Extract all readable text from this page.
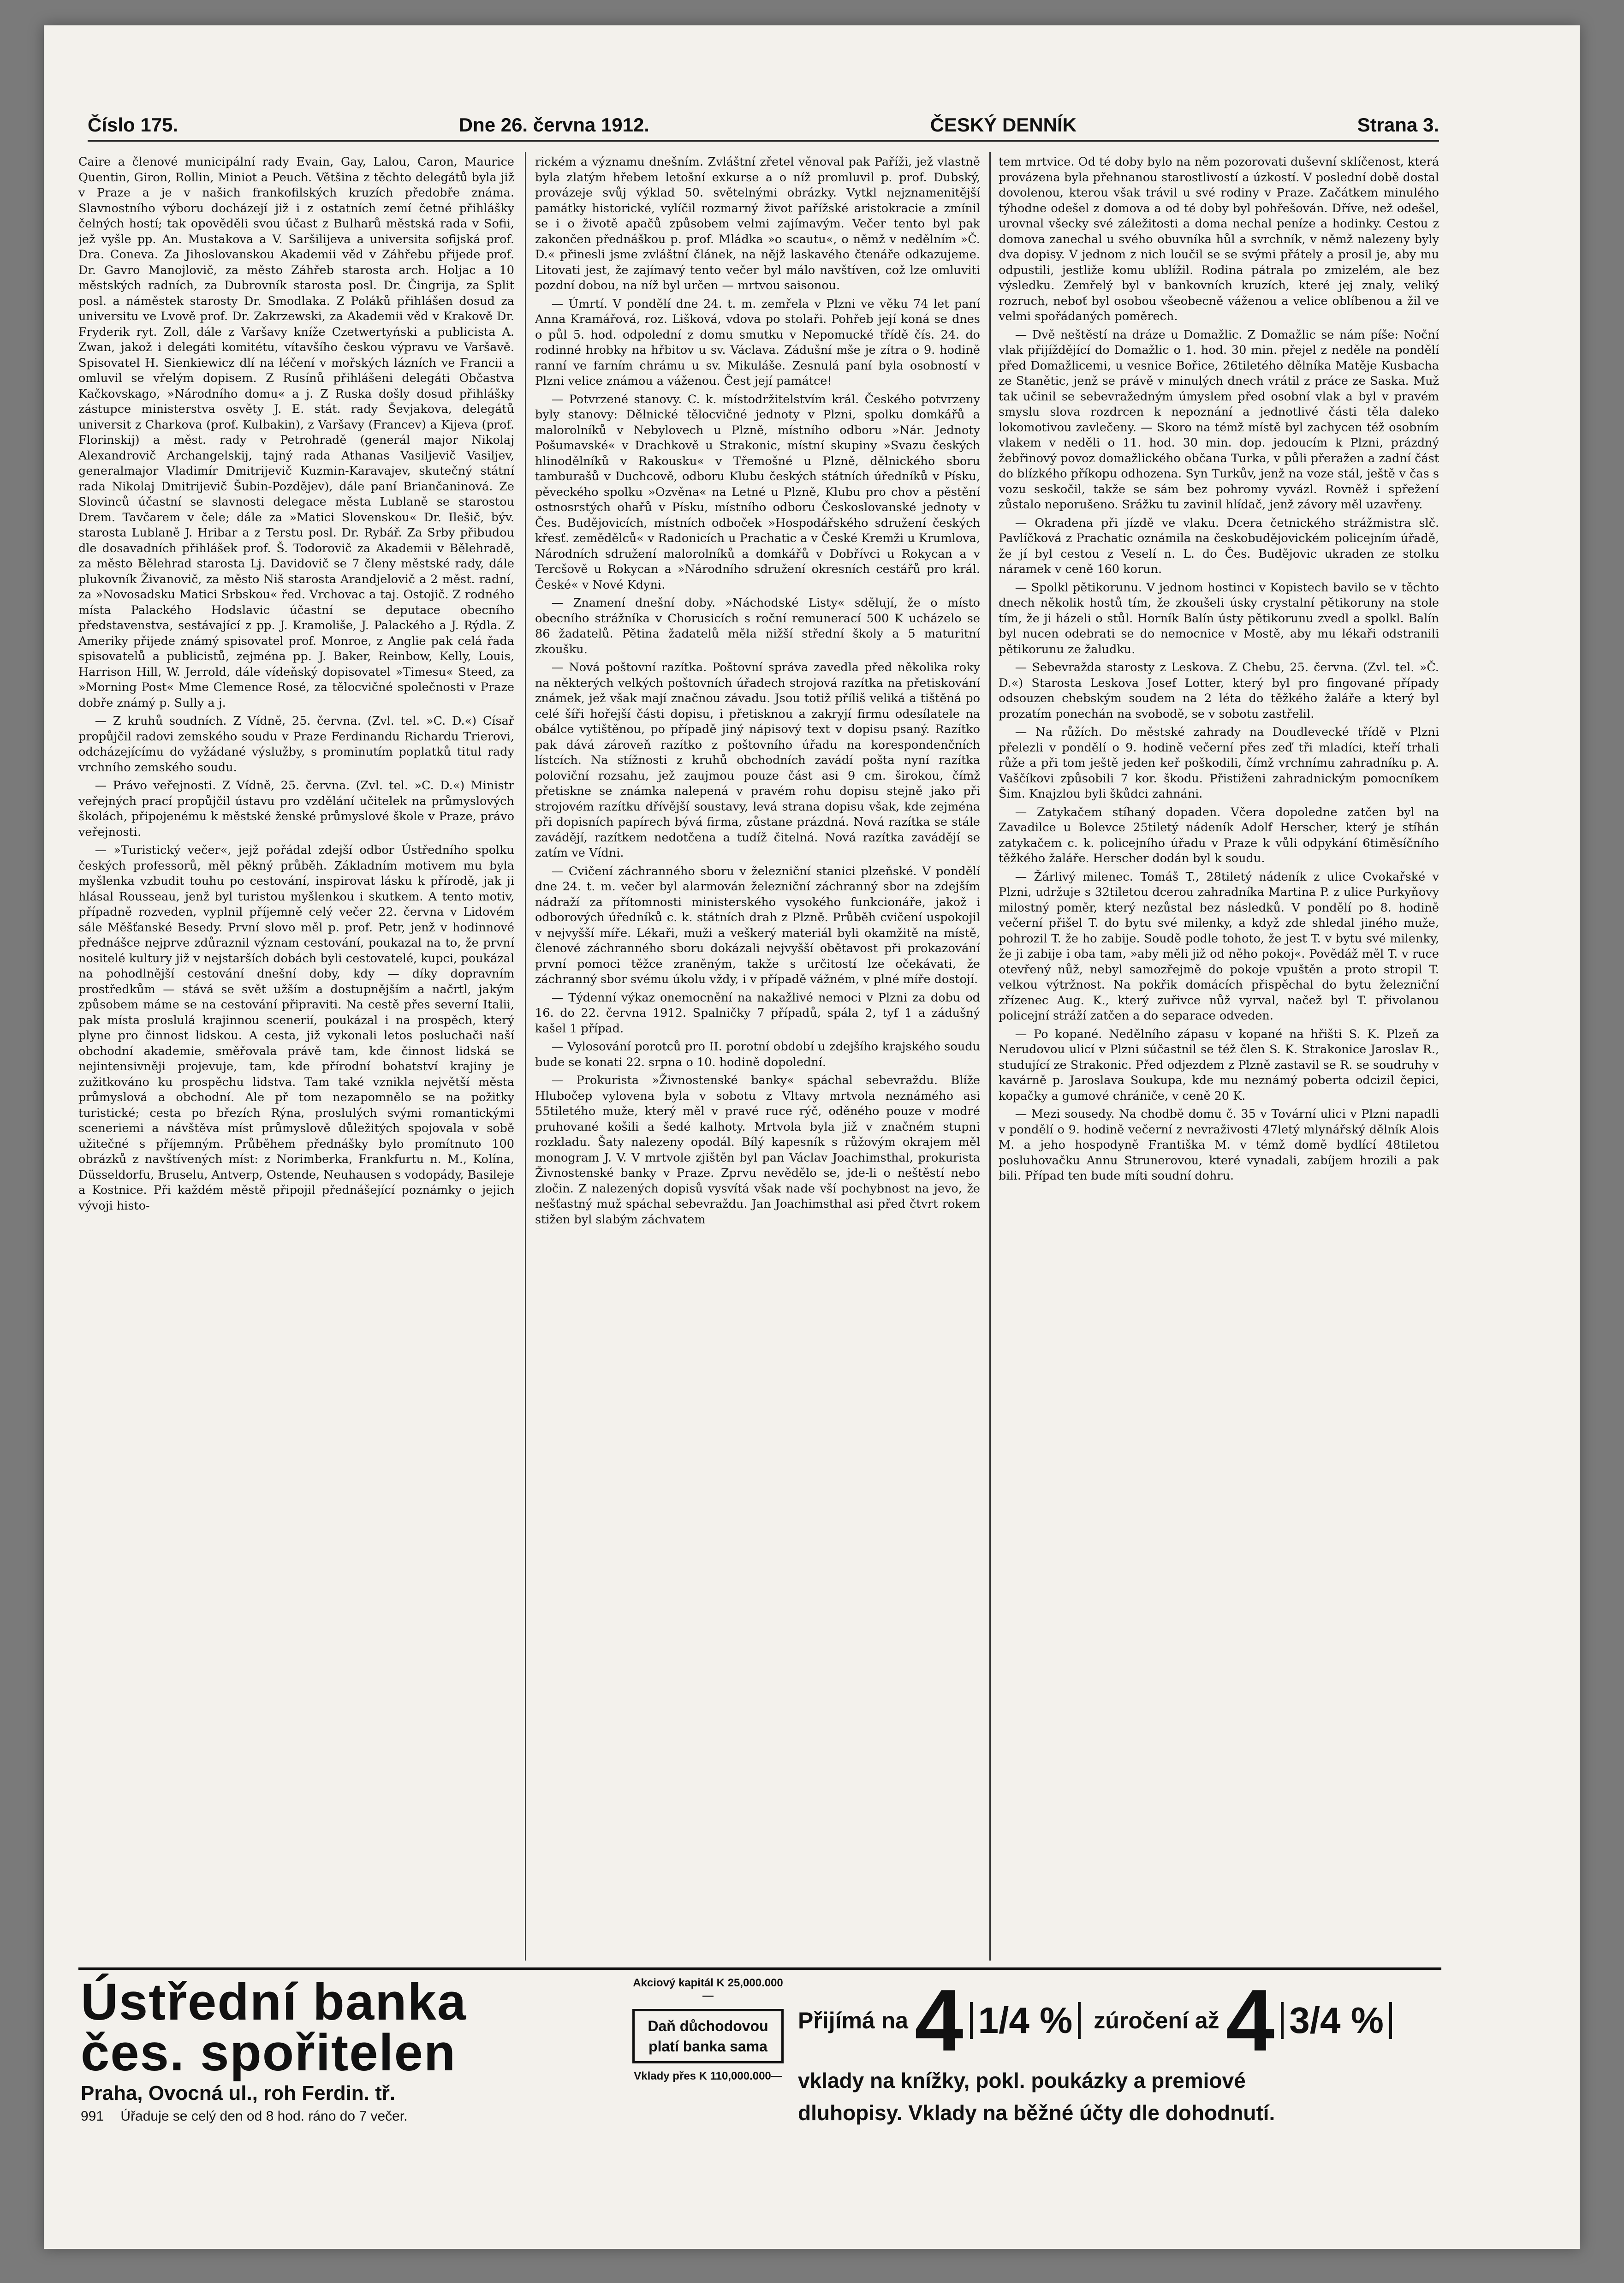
Číslo 175.	Dne 26. června 1912.	ČESKÝ DENNÍK	Strana 3.

Caire a členové municipální rady Evain, Gay, Lalou, Caron, Maurice Quentin, Giron, Rollin, Miniot a Peuch. Většina z těchto delegátů byla již v Praze a je v našich frankofilských kruzích předobře známa. Slavnostního výboru docházejí již i z ostatních zemí četné přihlášky čelných hostí; tak opověděli svou účast z Bulharů městská rada v Sofii, jež vyšle pp. An. Mustakova a V. Saršilijeva a universita sofijská prof. Dra. Coneva. Za Jihoslovanskou Akademii věd v Záhřebu přijede prof. Dr. Gavro Manojlovič, za město Záhřeb starosta arch. Holjac a 10 městských radních, za Dubrovník starosta posl. Dr. Čingrija, za Split posl. a náměstek starosty Dr. Smodlaka. Z Poláků přihlášen dosud za universitu ve Lvově prof. Dr. Zakrzewski, za Akademii věd v Krakově Dr. Fryderik ryt. Zoll, dále z Varšavy kníže Czetwertyński a publicista A. Zwan, jakož i delegáti komitétu, vítavšího českou výpravu ve Varšavě. Spisovatel H. Sienkiewicz dlí na léčení v mořských lázních ve Francii a omluvil se vřelým dopisem. Z Rusínů přihlášeni delegáti Občastva Kačkovskago, »Národního domu« a j. Z Ruska došly dosud přihlášky zástupce ministerstva osvěty J. E. stát. rady Ševjakova, delegátů universit z Charkova (prof. Kulbakin), z Varšavy (Francev) a Kijeva (prof. Florinskij) a měst. rady v Petrohradě (generál major Nikolaj Alexandrovič Archangelskij, tajný rada Athanas Vasiljevič Vasiljev, generalmajor Vladimír Dmitrijevič Kuzmin-Karavajev, skutečný státní rada Nikolaj Dmitrijevič Šubin-Pozdějev), dále paní Briančaninová. Ze Slovinců účastní se slavnosti delegace města Lublaně se starostou Drem. Tavčarem v čele; dále za »Matici Slovenskou« Dr. Ilešič, býv. starosta Lublaně J. Hribar a z Terstu posl. Dr. Rybář. Za Srby přibudou dle dosavadních přihlášek prof. Š. Todorovič za Akademii v Bělehradě, za město Bělehrad starosta Lj. Davidovič se 7 členy městské rady, dále plukovník Živanovič, za město Niš starosta Arandjelovič a 2 měst. radní, za »Novosadsku Matici Srbskou« řed. Vrchovac a taj. Ostojič. Z rodného místa Palackého Hodslavic účastní se deputace obecního představenstva, sestávající z pp. J. Kramoliše, J. Palackého a J. Rýdla. Z Ameriky přijede známý spisovatel prof. Monroe, z Anglie pak celá řada spisovatelů a publicistů, zejména pp. J. Baker, Reinbow, Kelly, Louis, Harrison Hill, W. Jerrold, dále vídeňský dopisovatel »Timesu« Steed, za »Morning Post« Mme Clemence Rosé, za tělocvičné společnosti v Praze dobře známý p. Sully a j.

— Z kruhů soudních. Z Vídně, 25. června. (Zvl. tel. »C. D.«) Císař propůjčil radovi zemského soudu v Praze Ferdinandu Richardu Trierovi, odcházejícímu do vyžádané výslužby, s prominutím poplatků titul rady vrchního zemského soudu.

— Právo veřejnosti. Z Vídně, 25. června. (Zvl. tel. »C. D.«) Ministr veřejných prací propůjčil ústavu pro vzdělání učitelek na průmyslových školách, připojenému k městské ženské průmyslové škole v Praze, právo veřejnosti.

— »Turistický večer«, jejž pořádal zdejší odbor Ústředního spolku českých professorů, měl pěkný průběh. Základním motivem mu byla myšlenka vzbudit touhu po cestování, inspirovat lásku k přírodě, jak ji hlásal Rousseau, jenž byl turistou myšlenkou i skutkem. A tento motiv, případně rozveden, vyplnil příjemně celý večer 22. června v Lidovém sále Měšťanské Besedy. První slovo měl p. prof. Petr, jenž v hodinnové přednášce nejprve zdůraznil význam cestování, poukazal na to, že první nositelé kultury již v nejstarších dobách byli cestovatelé, kupci, poukázal na pohodlnější cestování dnešní doby, kdy — díky dopravním prostředkům — stává se svět užším a dostupnějším a načrtl, jakým způsobem máme se na cestování připraviti. Na cestě přes severní Italii, pak místa proslulá krajinnou scenerií, poukázal i na prospěch, který plyne pro činnost lidskou. A cesta, již vykonali letos posluchači naší obchodní akademie, směřovala právě tam, kde činnost lidská se nejintensivněji projevuje, tam, kde přírodní bohatství krajiny je zužitkováno ku prospěchu lidstva. Tam také vznikla největší města průmyslová a obchodní. Ale př tom nezapomnělo se na požitky turistické; cesta po březích Rýna, proslulých svými romantickými sceneriemi a návštěva míst průmyslově důležitých spojovala v sobě užitečné s příjemným. Průběhem přednášky bylo promítnuto 100 obrázků z navštívených míst: z Norimberka, Frankfurtu n. M., Kolína, Düsseldorfu, Bruselu, Antverp, Ostende, Neuhausen s vodopády, Basileje a Kostnice. Při každém městě připojil přednášející poznámky o jejich vývoji histo-

rickém a významu dnešním. Zvláštní zřetel věnoval pak Paříži, jež vlastně byla zlatým hřebem letošní exkurse a o níž promluvil p. prof. Dubský, provázeje svůj výklad 50. světelnými obrázky. Vytkl nejznamenitější památky historické, vylíčil rozmarný život pařížské aristokracie a zmínil se i o životě apačů způsobem velmi zajímavým. Večer tento byl pak zakončen přednáškou p. prof. Mládka »o scautu«, o němž v nedělním »Č. D.« přinesli jsme zvláštní článek, na nějž laskavého čtenáře odkazujeme. Litovati jest, že zajímavý tento večer byl málo navštíven, což lze omluviti pozdní dobou, na níž byl určen — mrtvou saisonou.

— Úmrtí. V pondělí dne 24. t. m. zemřela v Plzni ve věku 74 let paní Anna Kramářová, roz. Lišková, vdova po stolaři. Pohřeb její koná se dnes o půl 5. hod. odpolední z domu smutku v Nepomucké třídě čís. 24. do rodinné hrobky na hřbitov u sv. Václava. Zádušní mše je zítra o 9. hodině ranní ve farním chrámu u sv. Mikuláše. Zesnulá paní byla osobností v Plzni velice známou a váženou. Čest její památce!

— Potvrzené stanovy. C. k. místodržitelstvím král. Českého potvrzeny byly stanovy: Dělnické tělocvičné jednoty v Plzni, spolku domkářů a malorolníků v Nebylovech u Plzně, místního odboru »Nár. Jednoty Pošumavské« v Drachkově u Strakonic, místní skupiny »Svazu českých hlinodělníků v Rakousku« v Třemošné u Plzně, dělnického sboru tamburašů v Duchcově, odboru Klubu českých státních úředníků v Písku, pěveckého spolku »Ozvěna« na Letné u Plzně, Klubu pro chov a pěstění ostnosrstých ohařů v Písku, místního odboru Českoslovanské jednoty v Čes. Budějovicích, místních odboček »Hospodářského sdružení českých křesť. zemědělců« v Radonicích u Prachatic a v České Kremži u Krumlova, Národních sdružení malorolníků a domkářů v Dobřívci u Rokycan a v Tercšově u Rokycan a »Národního sdružení okresních cestářů pro král. České« v Nové Kdyni.

— Znamení dnešní doby. »Náchodské Listy« sdělují, že o místo obecního strážníka v Chorusicích s roční remunerací 500 K ucházelo se 86 žadatelů. Pětina žadatelů měla nižší střední školy a 5 maturitní zkoušku.

— Nová poštovní razítka. Poštovní správa zavedla před několika roky na některých velkých poštovních úřadech strojová razítka na přetiskování známek, jež však mají značnou závadu. Jsou totiž příliš veliká a tištěná po celé šíři hořejší části dopisu, i přetisknou a zakryjí firmu odesílatele na obálce vytištěnou, po případě jiný nápisový text v dopisu psaný. Razítko pak dává zároveň razítko z poštovního úřadu na korespondenčních lístcích. Na stížnosti z kruhů obchodních zavádí pošta nyní razítka poloviční rozsahu, jež zaujmou pouze část asi 9 cm. širokou, čímž přetiskne se známka nalepená v pravém rohu dopisu stejně jako při strojovém razítku dřívější soustavy, levá strana dopisu však, kde zejména při dopisních papírech bývá firma, zůstane prázdná. Nová razítka se stále zavádějí, razítkem nedotčena a tudíž čitelná. Nová razítka zavádějí se zatím ve Vídni.

— Cvičení záchranného sboru v železniční stanici plzeňské. V pondělí dne 24. t. m. večer byl alarmován železniční záchranný sbor na zdejším nádraží za přítomnosti ministerského vysokého funkcionáře, jakož i odborových úředníků c. k. státních drah z Plzně. Průběh cvičení uspokojil v nejvyšší míře. Lékaři, muži a veškerý materiál byli okamžitě na místě, členové záchranného sboru dokázali nejvyšší obětavost při prokazování první pomoci těžce zraněným, takže s určitostí lze očekávati, že záchranný sbor svému úkolu vždy, i v případě vážném, v plné míře dostojí.

— Týdenní výkaz onemocnění na nakažlivé nemoci v Plzni za dobu od 16. do 22. června 1912. Spalničky 7 případů, spála 2, tyf 1 a zádušný kašel 1 případ.

— Vylosování porotců pro II. porotní období u zdejšího krajského soudu bude se konati 22. srpna o 10. hodině dopolední.

— Prokurista »Živnostenské banky« spáchal sebevraždu. Blíže Hlubočep vylovena byla v sobotu z Vltavy mrtvola neznámého asi 55tiletého muže, který měl v pravé ruce rýč, oděného pouze v modré pruhované košili a šedé kalhoty. Mrtvola byla již v značném stupni rozkladu. Šaty nalezeny opodál. Bílý kapesník s růžovým okrajem měl monogram J. V. V mrtvole zjištěn byl pan Václav Joachimsthal, prokurista Živnostenské banky v Praze. Zprvu nevědělo se, jde-li o neštěstí nebo zločin. Z nalezených dopisů vysvítá však nade vší pochybnost na jevo, že nešťastný muž spáchal sebevraždu. Jan Joachimsthal asi před čtvrt rokem stižen byl slabým záchvatem

tem mrtvice. Od té doby bylo na něm pozorovati duševní sklíčenost, která provázena byla přehnanou starostlivostí a úzkostí. V poslední době dostal dovolenou, kterou však trávil u své rodiny v Praze. Začátkem minulého týhodne odešel z domova a od té doby byl pohřešován. Dříve, než odešel, urovnal všecky své záležitosti a doma nechal peníze a hodinky. Cestou z domova zanechal u svého obuvníka hůl a svrchník, v němž nalezeny byly dva dopisy. V jednom z nich loučil se se svými přátely a prosil je, aby mu odpustili, jestliže komu ublížil. Rodina pátrala po zmizelém, ale bez výsledku. Zemřelý byl v bankovních kruzích, které jej znaly, veliký rozruch, neboť byl osobou všeobecně váženou a velice oblíbenou a žil ve velmi spořádaných poměrech.

— Dvě neštěstí na dráze u Domažlic. Z Domažlic se nám píše: Noční vlak přijíždějící do Domažlic o 1. hod. 30 min. přejel z neděle na pondělí před Domažlicemi, u vesnice Bořice, 26tiletého dělníka Matěje Kusbacha ze Stanětic, jenž se právě v minulých dnech vrátil z práce ze Saska. Muž tak učinil se sebevražedným úmyslem před osobní vlak a byl v pravém smyslu slova rozdrcen k nepoznání a jednotlivé části těla daleko lokomotivou zavlečeny. — Skoro na témž místě byl zachycen též osobním vlakem v neděli o 11. hod. 30 min. dop. jedoucím k Plzni, prázdný žebřinový povoz domažlického občana Turka, v půli přeražen a zadní část do blízkého příkopu odhozena. Syn Turkův, jenž na voze stál, ještě v čas s vozu seskočil, takže se sám bez pohromy vyvázl. Rovněž i spřežení zůstalo neporušeno. Srážku tu zavinil hlídač, jenž závory měl uzavřeny.

— Okradena při jízdě ve vlaku. Dcera četnického strážmistra slč. Pavlíčková z Prachatic oznámila na českobudějovickém policejním úřadě, že jí byl cestou z Veselí n. L. do Čes. Budějovic ukraden ze stolku náramek v ceně 160 korun.

— Spolkl pětikorunu. V jednom hostinci v Kopistech bavilo se v těchto dnech několik hostů tím, že zkoušeli úsky crystalní pětikoruny na stole tím, že ji házeli o stůl. Horník Balín ústy pětikorunu zvedl a spolkl. Balín byl nucen odebrati se do nemocnice v Mostě, aby mu lékaři odstranili pětikorunu ze žaludku.

— Sebevražda starosty z Leskova. Z Chebu, 25. června. (Zvl. tel. »Č. D.«) Starosta Leskova Josef Lotter, který byl pro fingované případy odsouzen chebským soudem na 2 léta do těžkého žaláře a který byl prozatím ponechán na svobodě, se v sobotu zastřelil.

— Na růžích. Do městské zahrady na Doudlevecké třídě v Plzni přelezli v pondělí o 9. hodině večerní přes zeď tři mladíci, kteří trhali růže a při tom ještě jeden keř poškodili, čímž vrchnímu zahradníku p. A. Vaščíkovi způsobili 7 kor. škodu. Přistiženi zahradnickým pomocníkem Šim. Knajzlou byli škůdci zahnáni.

— Zatykačem stíhaný dopaden. Včera dopoledne zatčen byl na Zavadilce u Bolevce 25tiletý nádeník Adolf Herscher, který je stíhán zatykačem c. k. policejního úřadu v Praze k vůli odpykání 6timěsíčního těžkého žaláře. Herscher dodán byl k soudu.

— Žárlivý milenec. Tomáš T., 28tiletý nádeník z ulice Cvokařské v Plzni, udržuje s 32tiletou dcerou zahradníka Martina P. z ulice Purkyňovy milostný poměr, který nezůstal bez následků. V pondělí po 8. hodině večerní přišel T. do bytu své milenky, a když zde shledal jiného muže, pohrozil T. že ho zabije. Soudě podle tohoto, že jest T. v bytu své milenky, že ji zabije i oba tam, »aby měli již od něho pokoj«. Povědáž měl T. v ruce otevřený nůž, nebyl samozřejmě do pokoje vpuštěn a proto stropil T. velkou výtržnost. Na pokřik domácích přispěchal do bytu železniční zřízenec Aug. K., který zuřivce nůž vyrval, načež byl T. přivolanou policejní stráží zatčen a do separace odveden.

— Po kopané. Nedělního zápasu v kopané na hřišti S. K. Plzeň za Nerudovou ulicí v Plzni súčastnil se též člen S. K. Strakonice Jaroslav R., studující ze Strakonic. Před odjezdem z Plzně zastavil se R. se soudruhy v kavárně p. Jaroslava Soukupa, kde mu neznámý poberta odcizil čepici, kopačky a gumové chrániče, v ceně 20 K.

— Mezi sousedy. Na chodbě domu č. 35 v Tovární ulici v Plzni napadli v pondělí o 9. hodině večerní z nevraživosti 47letý mlynářský dělník Alois M. a jeho hospodyně Františka M. v témž domě bydlící 48tiletou posluhovačku Annu Strunerovou, které vynadali, zabíjem hrozili a pak bili. Případ ten bude míti soudní dohru.

Ústřední banka
čes. spořitelen
Praha, Ovocná ul., roh Ferdin. tř.
991 Úřaduje se celý den od 8 hod. ráno do 7 večer.
Akciový kapitál K 25,000.000—
Daň důchodovou platí banka sama
Vklady přes K 110,000.000—
Přijímá na 4 1/4 % zúročení až 4 3/4 %
vklady na knížky, pokl. poukázky a premiové
dluhopisy. Vklady na běžné účty dle dohodnutí.
